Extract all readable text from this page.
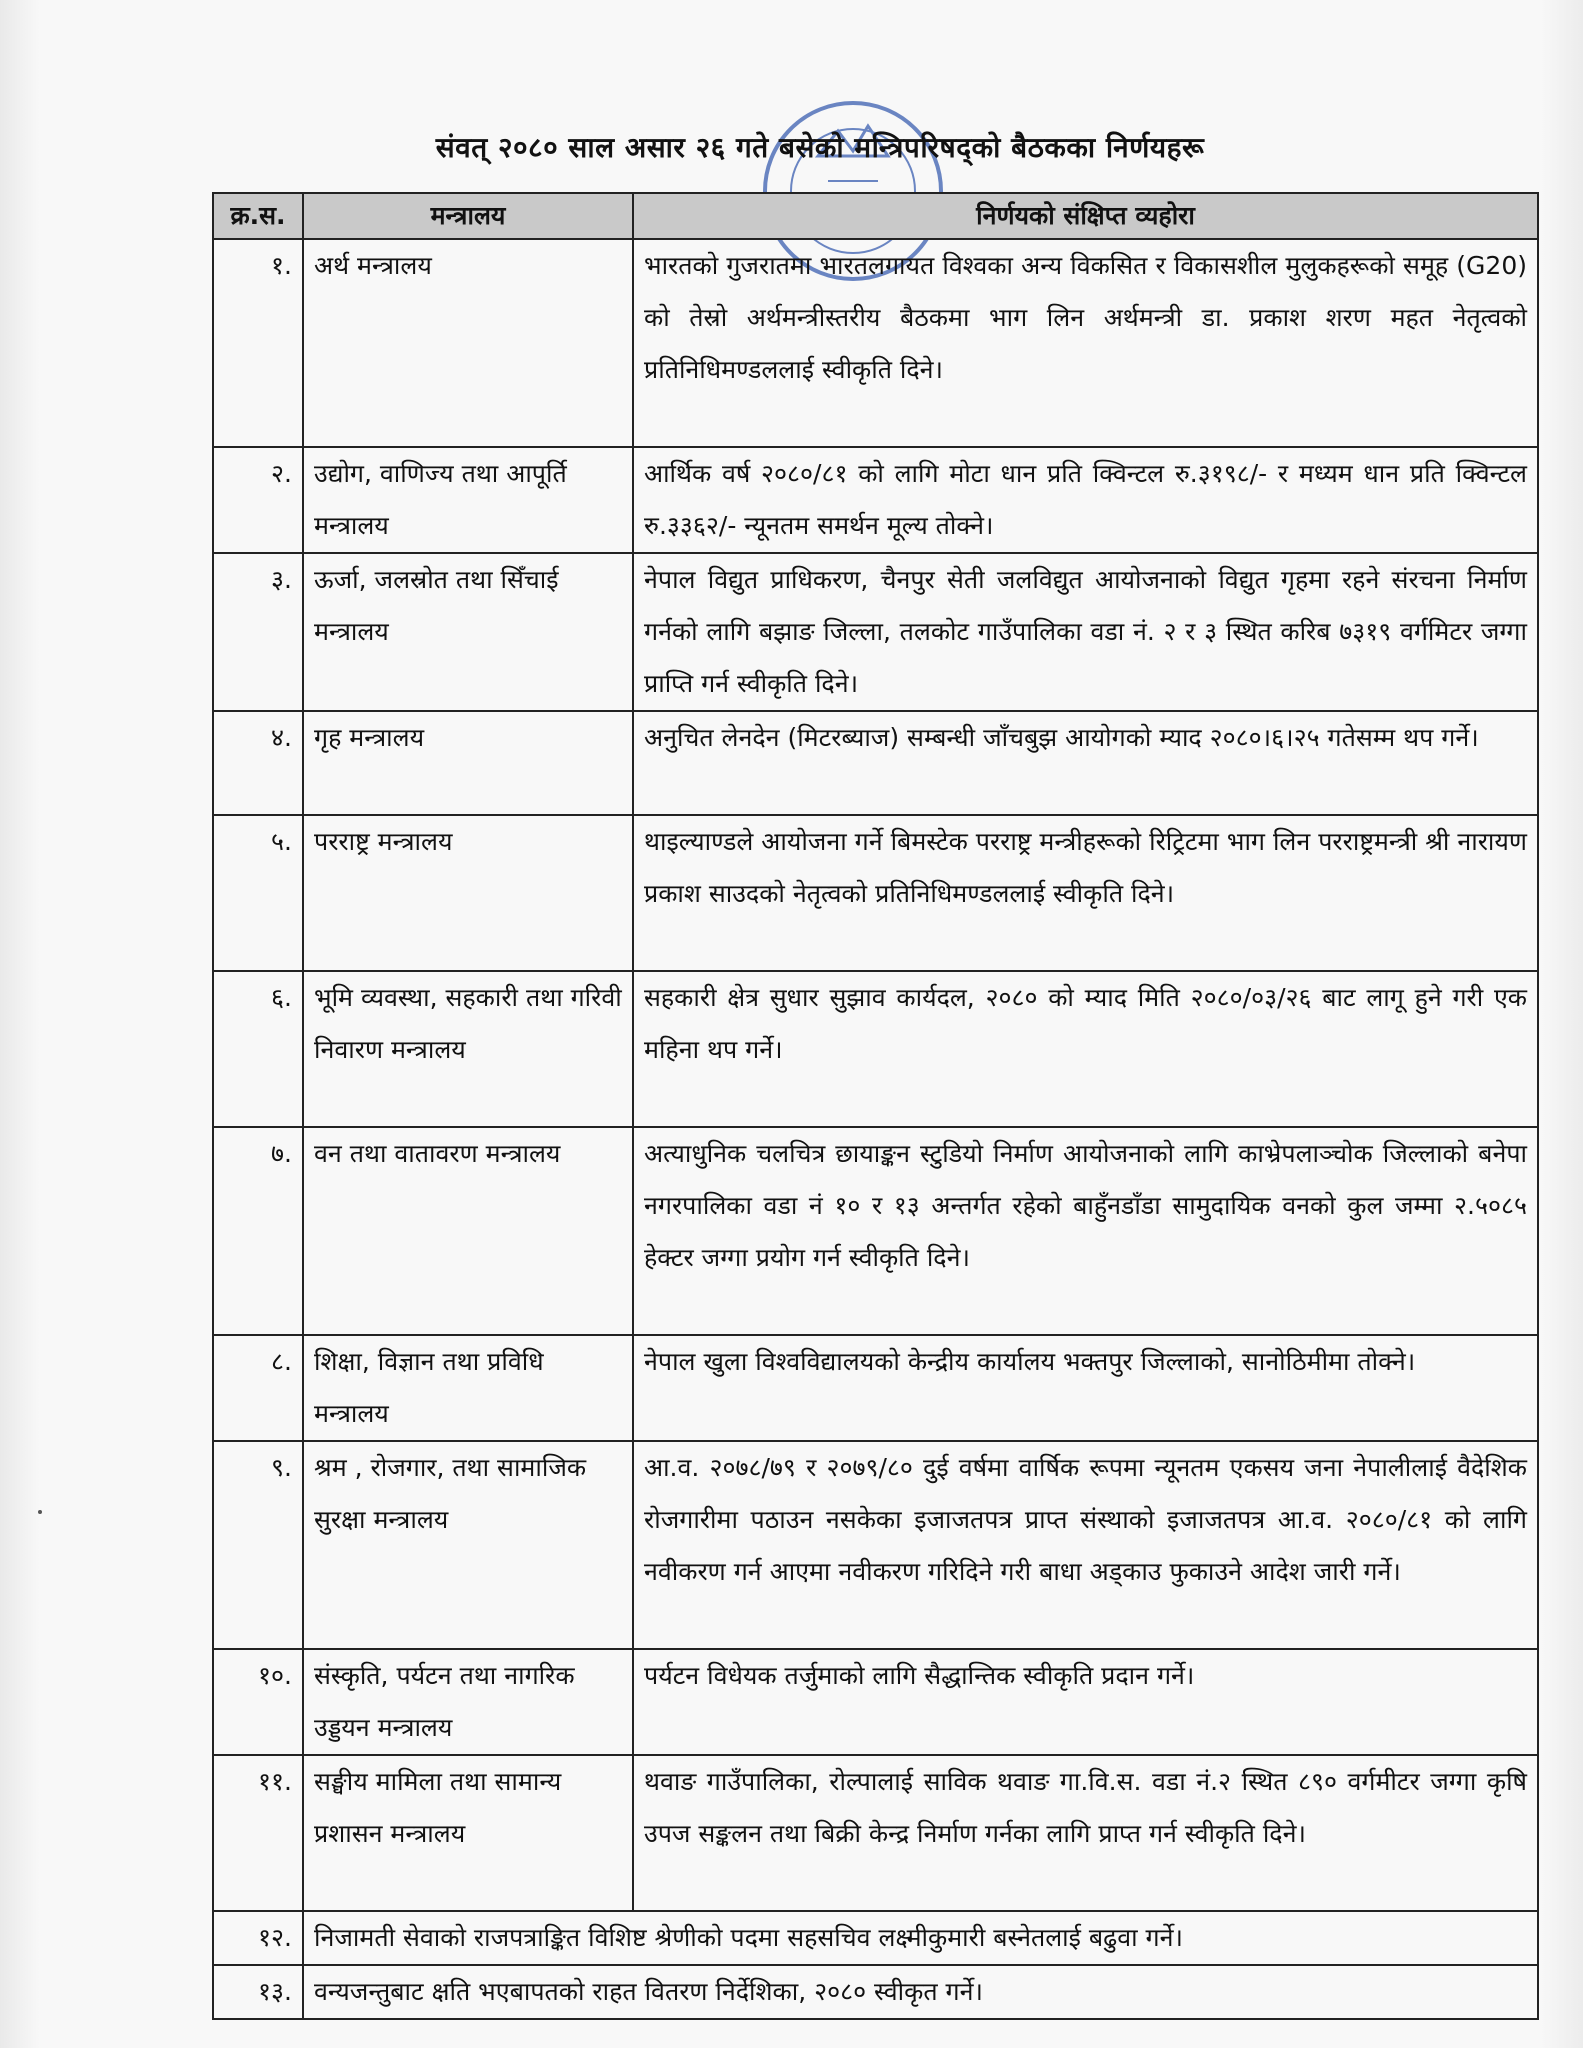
संवत् २०८० साल असार २६ गते बसेको मन्त्रिपरिषद्को बैठकका निर्णयहरू
क्र.स.	मन्त्रालय	निर्णयको संक्षिप्त व्यहोरा
१.	अर्थ मन्त्रालय	भारतको गुजरातमा भारतलगायत विश्वका अन्य विकसित र विकासशील मुलुकहरूको समूह (G20) को तेस्रो अर्थमन्त्रीस्तरीय बैठकमा भाग लिन अर्थमन्त्री डा. प्रकाश शरण महत नेतृत्वको प्रतिनिधिमण्डललाई स्वीकृति दिने।
२.	उद्योग, वाणिज्य तथा आपूर्ति मन्त्रालय	आर्थिक वर्ष २०८०/८१ को लागि मोटा धान प्रति क्विन्टल रु.३१९८/- र मध्यम धान प्रति क्विन्टल रु.३३६२/- न्यूनतम समर्थन मूल्य तोक्ने।
३.	ऊर्जा, जलस्रोत तथा सिँचाई मन्त्रालय	नेपाल विद्युत प्राधिकरण, चैनपुर सेती जलविद्युत आयोजनाको विद्युत गृहमा रहने संरचना निर्माण गर्नको लागि बझाङ जिल्ला, तलकोट गाउँपालिका वडा नं. २ र ३ स्थित करिब ७३१९ वर्गमिटर जग्गा प्राप्ति गर्न स्वीकृति दिने।
४.	गृह मन्त्रालय	अनुचित लेनदेन (मिटरब्याज) सम्बन्धी जाँचबुझ आयोगको म्याद २०८०।६।२५ गतेसम्म थप गर्ने।
५.	परराष्ट्र मन्त्रालय	थाइल्याण्डले आयोजना गर्ने बिमस्टेक परराष्ट्र मन्त्रीहरूको रिट्रिटमा भाग लिन परराष्ट्रमन्त्री श्री नारायण प्रकाश साउदको नेतृत्वको प्रतिनिधिमण्डललाई स्वीकृति दिने।
६.	भूमि व्यवस्था, सहकारी तथा गरिवी निवारण मन्त्रालय	सहकारी क्षेत्र सुधार सुझाव कार्यदल, २०८० को म्याद मिति २०८०/०३/२६ बाट लागू हुने गरी एक महिना थप गर्ने।
७.	वन तथा वातावरण मन्त्रालय	अत्याधुनिक चलचित्र छायाङ्कन स्टुडियो निर्माण आयोजनाको लागि काभ्रेपलाञ्चोक जिल्लाको बनेपा नगरपालिका वडा नं १० र १३ अन्तर्गत रहेको बाहुँनडाँडा सामुदायिक वनको कुल जम्मा २.५०८५ हेक्टर जग्गा प्रयोग गर्न स्वीकृति दिने।
८.	शिक्षा, विज्ञान तथा प्रविधि मन्त्रालय	नेपाल खुला विश्वविद्यालयको केन्द्रीय कार्यालय भक्तपुर जिल्लाको, सानोठिमीमा तोक्ने।
९.	श्रम , रोजगार, तथा सामाजिक सुरक्षा मन्त्रालय	आ.व. २०७८/७९ र २०७९/८० दुई वर्षमा वार्षिक रूपमा न्यूनतम एकसय जना नेपालीलाई वैदेशिक रोजगारीमा पठाउन नसकेका इजाजतपत्र प्राप्त संस्थाको इजाजतपत्र आ.व. २०८०/८१ को लागि नवीकरण गर्न आएमा नवीकरण गरिदिने गरी बाधा अड्काउ फुकाउने आदेश जारी गर्ने।
१०.	संस्कृति, पर्यटन तथा नागरिक उड्डयन मन्त्रालय	पर्यटन विधेयक तर्जुमाको लागि सैद्धान्तिक स्वीकृति प्रदान गर्ने।
११.	सङ्घीय मामिला तथा सामान्य प्रशासन मन्त्रालय	थवाङ गाउँपालिका, रोल्पालाई साविक थवाङ गा.वि.स. वडा नं.२ स्थित ८९० वर्गमीटर जग्गा कृषि उपज सङ्कलन तथा बिक्री केन्द्र निर्माण गर्नका लागि प्राप्त गर्न स्वीकृति दिने।
१२.	निजामती सेवाको राजपत्राङ्कित विशिष्ट श्रेणीको पदमा सहसचिव लक्ष्मीकुमारी बस्नेतलाई बढुवा गर्ने।	
१३.	वन्यजन्तुबाट क्षति भएबापतको राहत वितरण निर्देशिका, २०८० स्वीकृत गर्ने।	
